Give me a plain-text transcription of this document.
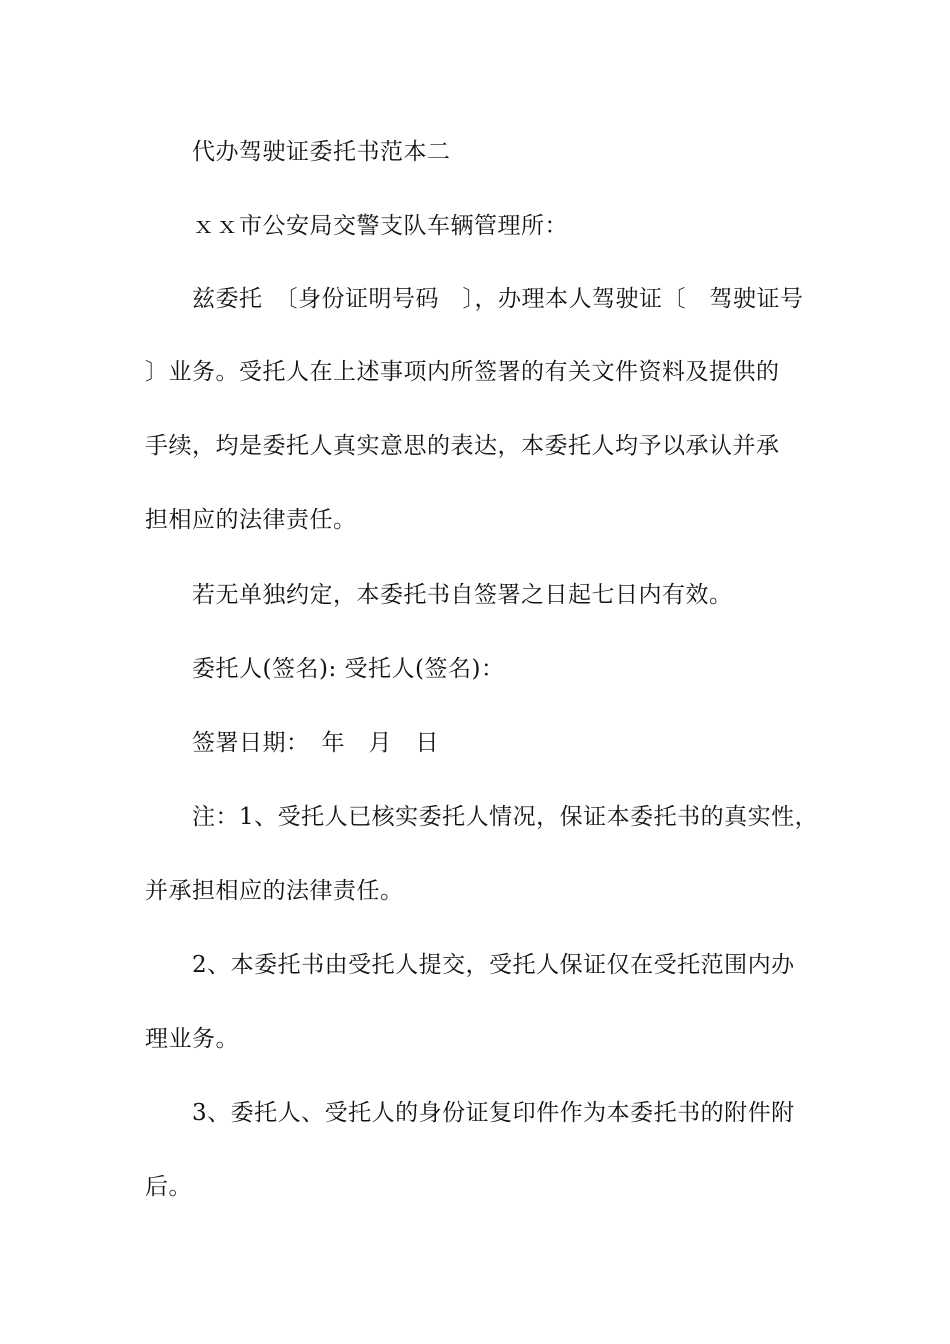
代办驾驶证委托书范本二
ｘｘ市公安局交警支队车辆管理所：
兹委托　〔身份证明号码　〕，办理本人驾驶证〔　驾驶证号
〕业务。受托人在上述事项内所签署的有关文件资料及提供的
手续，均是委托人真实意思的表达，本委托人均予以承认并承
担相应的法律责任。
若无单独约定，本委托书自签署之日起七日内有效。
委托人(签名): 受托人(签名)：
签署日期：　年　月　日
注：1、受托人已核实委托人情况，保证本委托书的真实性，
并承担相应的法律责任。
2、本委托书由受托人提交，受托人保证仅在受托范围内办
理业务。
3、委托人、受托人的身份证复印件作为本委托书的附件附
后。
